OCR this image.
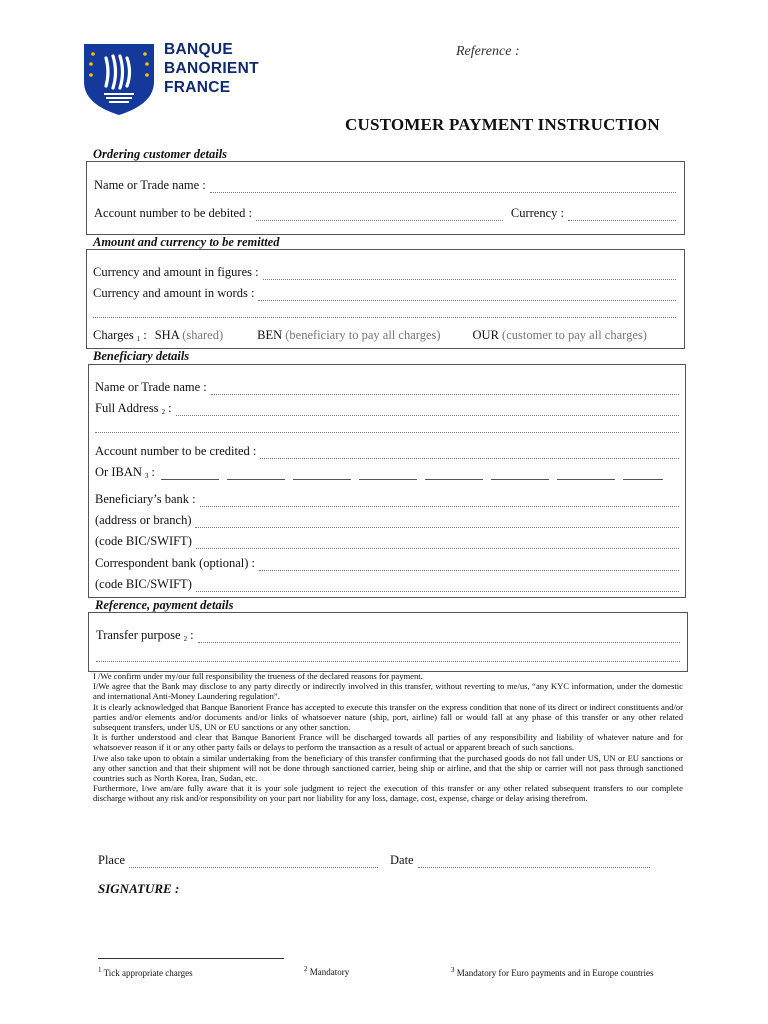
BANQUE
BANORIENT
FRANCE
Reference :
CUSTOMER PAYMENT INSTRUCTION
Ordering customer details
Name or Trade name :
Account number to be debited :	Currency :
Amount and currency to be remitted
Currency and amount in figures :
Currency and amount in words :
Charges $_1$ : SHA (shared)	BEN (beneficiary to pay all charges)	OUR (customer to pay all charges)
Beneficiary details
Name or Trade name :
Full Address $_2$ :
Account number to be credited :
Or IBAN $_3$ :
Beneficiary’s bank :
(address or branch)
(code BIC/SWIFT)
Correspondent bank (optional) :
(code BIC/SWIFT)
Reference, payment details
Transfer purpose $_2$ :

I /We confirm under my/our full responsibility the trueness of the declared reasons for payment.

I/We agree that the Bank may disclose to any party directly or indirectly involved in this transfer, without reverting to me/us, “any KYC information, under the domestic and international Anti-Money Laundering regulation”.

It is clearly acknowledged that Banque Banorient France has accepted to execute this transfer on the express condition that none of its direct or indirect constituents and/or parties and/or elements and/or documents and/or links of whatsoever nature (ship, port, airline) fall or would fall at any phase of this transfer or any other related subsequent transfers, under US, UN or EU sanctions or any other sanction.

It is further understood and clear that Banque Banorient France will be discharged towards all parties of any responsibility and liability of whatever nature and for whatsoever reason if it or any other party fails or delays to perform the transaction as a result of actual or apparent breach of such sanctions.

I/we also take upon to obtain a similar undertaking from the beneficiary of this transfer confirming that the purchased goods do not fall under US, UN or EU sanctions or any other sanction and that their shipment will not be done through sanctioned carrier, being ship or airline, and that the ship or carrier will not pass through sanctioned countries such as North Korea, Iran, Sudan, etc.

Furthermore, I/we am/are fully aware that it is your sole judgment to reject the execution of this transfer or any other related subsequent transfers to our complete discharge without any risk and/or responsibility on your part nor liability for any loss, damage, cost, expense, charge or delay arising therefrom.

Place	Date
SIGNATURE :
$^1$ Tick appropriate charges	$^2$ Mandatory	$^3$ Mandatory for Euro payments and in Europe countries
